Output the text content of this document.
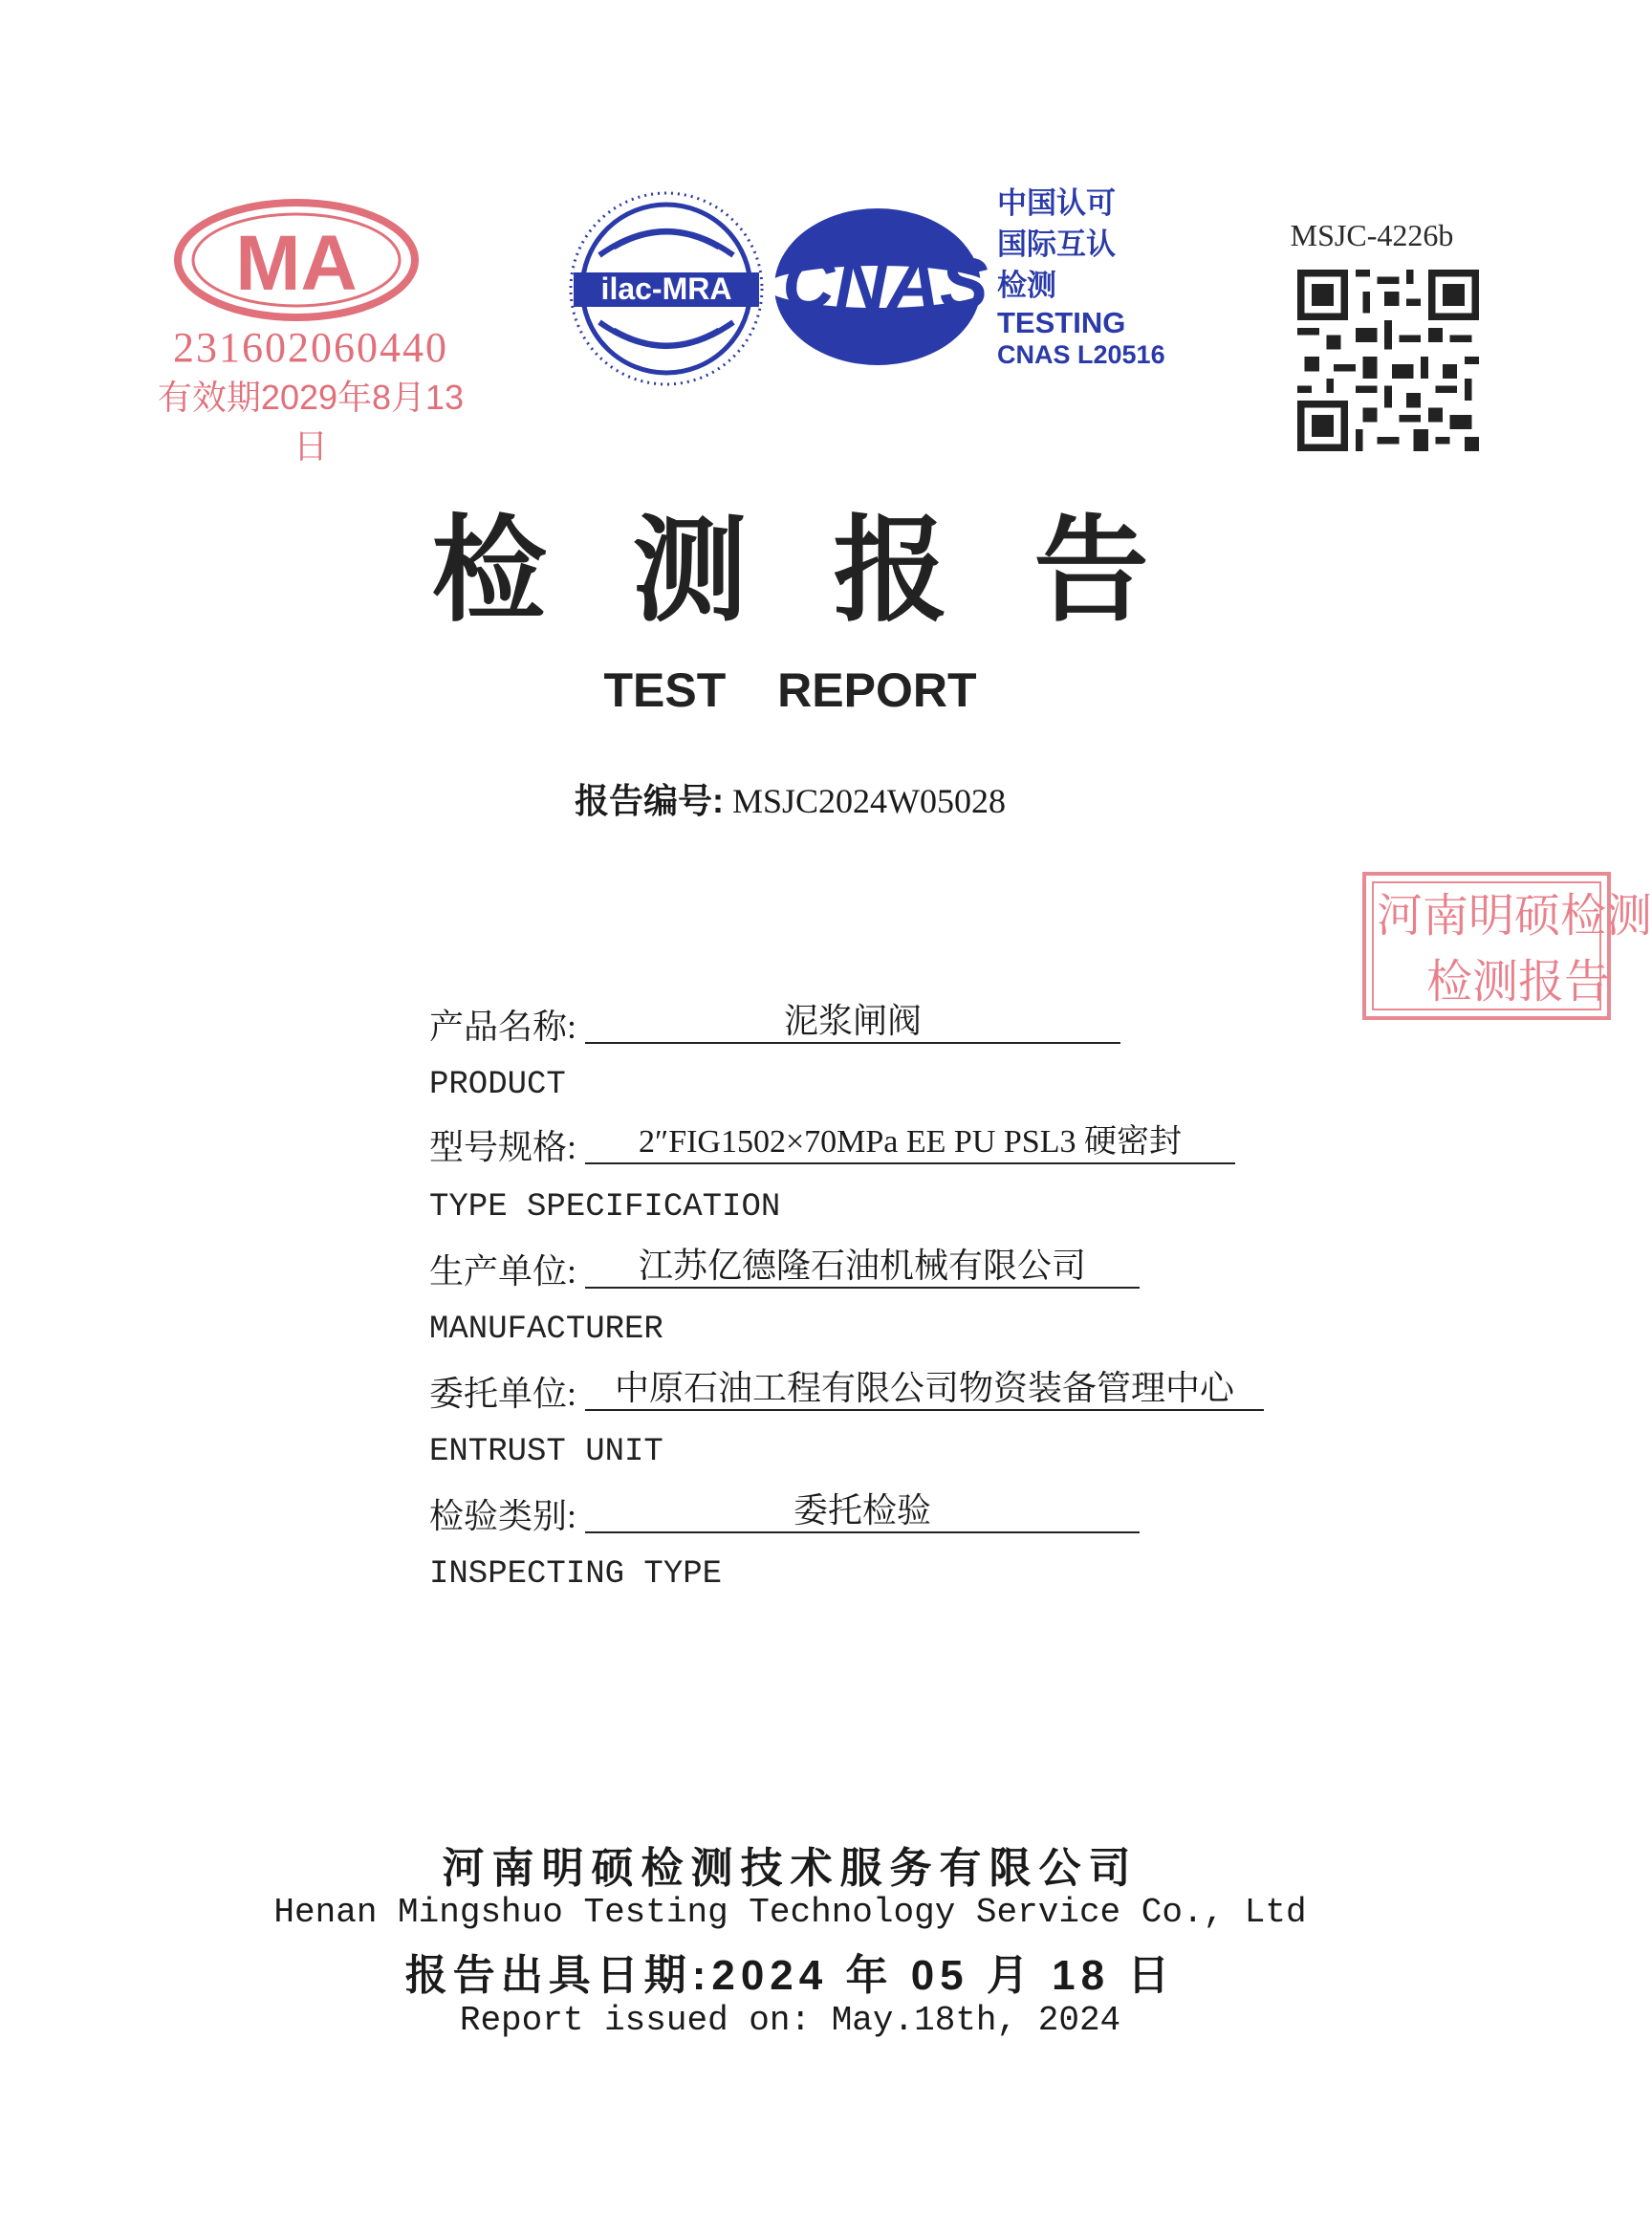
MA
231602060440
有效期2029年8月13日
ilac-MRA CNAS
中国认可
国际互认
检测
TESTING
CNAS L20516
MSJC-4226b
检测报告
TEST REPORT
报告编号: MSJC2024W05028
河南明硕检测
检测报告
产品名称:	泥浆闸阀
PRODUCT
型号规格: 2″FIG1502×70MPa EE PU PSL3 硬密封
TYPE SPECIFICATION
生产单位: 江苏亿德隆石油机械有限公司
MANUFACTURER
委托单位: 中原石油工程有限公司物资装备管理中心
ENTRUST UNIT
检验类别:	委托检验
INSPECTING TYPE
河南明硕检测技术服务有限公司
Henan Mingshuo Testing Technology Service Co., Ltd
报告出具日期:2024 年 05 月 18 日
Report issued on: May.18th, 2024
